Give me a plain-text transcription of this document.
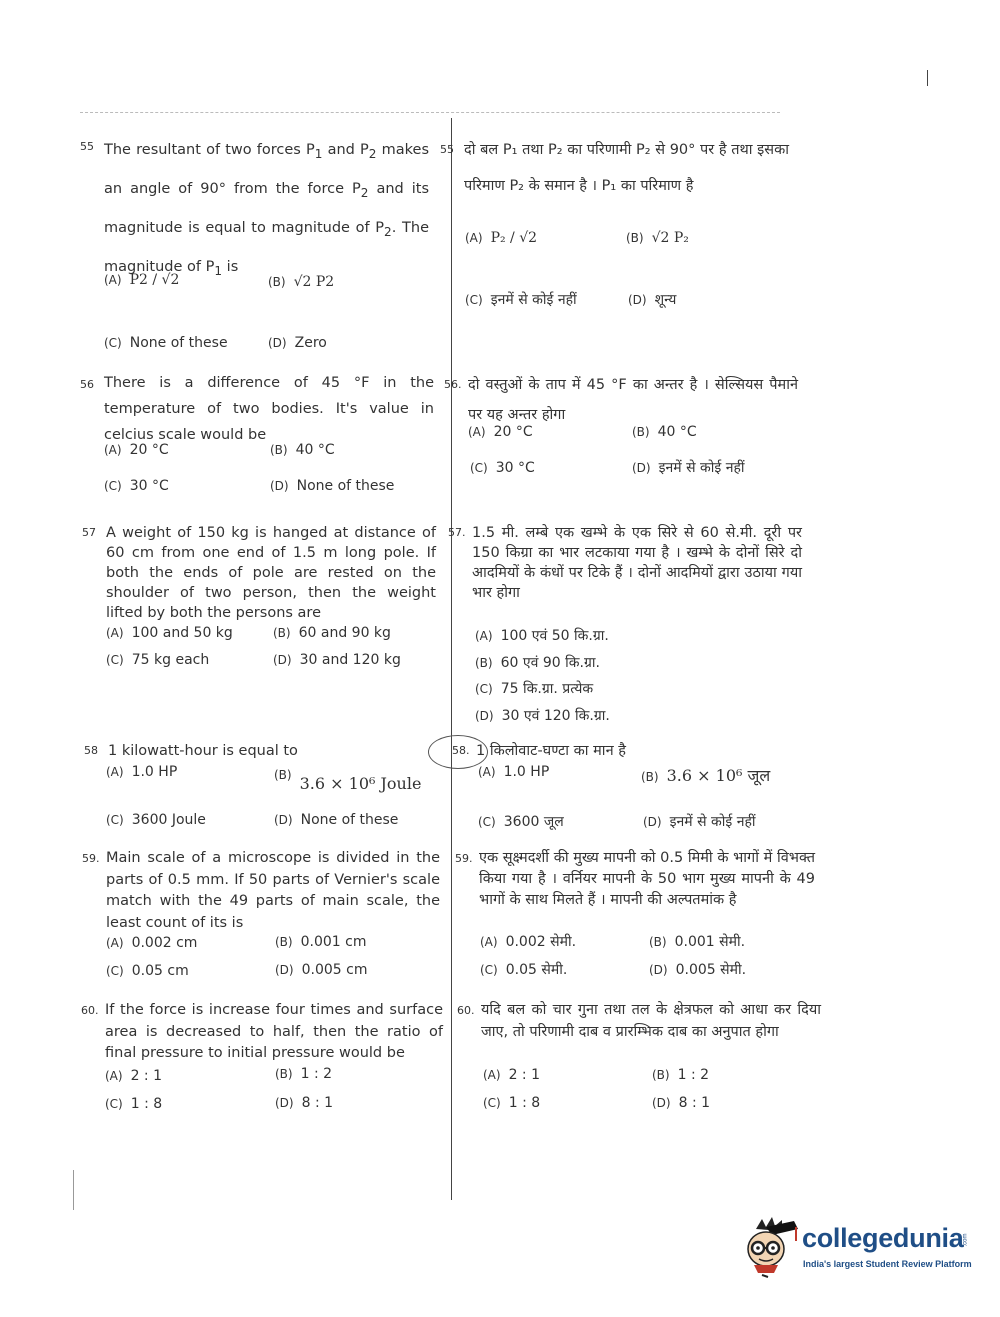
55 The resultant of two forces $P_1$ and $P_2$ makes an angle of 90° from the force $P_2$ and its magnitude is equal to magnitude of $P_2$. The magnitude of $P_1$ is
(A) P2 / √2	(B) √2 P2
(C) None of these	(D) Zero
56 There is a difference of 45 °F in the temperature of two bodies. It's value in celcius scale would be
(A) 20 °C	(B) 40 °C
(C) 30 °C	(D) None of these
57 A weight of 150 kg is hanged at distance of 60 cm from one end of 1.5 m long pole. If both the ends of pole are rested on the shoulder of two person, then the weight lifted by both the persons are
(A) 100 and 50 kg	(B) 60 and 90 kg
(C) 75 kg each	(D) 30 and 120 kg
58 1 kilowatt-hour is equal to
(A) 1.0 HP	(B) 3.6 × 10⁶ Joule
(C) 3600 Joule	(D) None of these
59. Main scale of a microscope is divided in the parts of 0.5 mm. If 50 parts of Vernier's scale match with the 49 parts of main scale, the least count of its is
(A) 0.002 cm	(B) 0.001 cm
(C) 0.05 cm	(D) 0.005 cm
60. If the force is increase four times and surface area is decreased to half, then the ratio of final pressure to initial pressure would be
(A) 2 : 1	(B) 1 : 2
(C) 1 : 8	(D) 8 : 1
55 दो बल P₁ तथा P₂ का परिणामी P₂ से 90° पर है तथा इसका परिमाण P₂ के समान है । P₁ का परिमाण है
(A) P₂ / √2	(B) √2 P₂
(C) इनमें से कोई नहीं	(D) शून्य
56. दो वस्तुओं के ताप में 45 °F का अन्तर है । सेल्सियस पैमाने पर यह अन्तर होगा
(A) 20 °C	(B) 40 °C
(C) 30 °C	(D) इनमें से कोई नहीं
57. 1.5 मी. लम्बे एक खम्भे के एक सिरे से 60 से.मी. दूरी पर 150 किग्रा का भार लटकाया गया है । खम्भे के दोनों सिरे दो आदमियों के कंधों पर टिके हैं । दोनों आदमियों द्वारा उठाया गया भार होगा
(A) 100 एवं 50 कि.ग्रा.
(B) 60 एवं 90 कि.ग्रा.
(C) 75 कि.ग्रा. प्रत्येक
(D) 30 एवं 120 कि.ग्रा.
58. 1 किलोवाट-घण्टा का मान है
(A) 1.0 HP	(B) 3.6 × 10⁶ जूल
(C) 3600 जूल	(D) इनमें से कोई नहीं
59. एक सूक्ष्मदर्शी की मुख्य मापनी को 0.5 मिमी के भागों में विभक्त किया गया है । वर्नियर मापनी के 50 भाग मुख्य मापनी के 49 भागों के साथ मिलते हैं । मापनी की अल्पतमांक है
(A) 0.002 सेमी.	(B) 0.001 सेमी.
(C) 0.05 सेमी.	(D) 0.005 सेमी.
60. यदि बल को चार गुना तथा तल के क्षेत्रफल को आधा कर दिया जाए, तो परिणामी दाब व प्रारम्भिक दाब का अनुपात होगा
(A) 2 : 1	(B) 1 : 2
(C) 1 : 8	(D) 8 : 1
collegedunia .com
India's largest Student Review Platform
